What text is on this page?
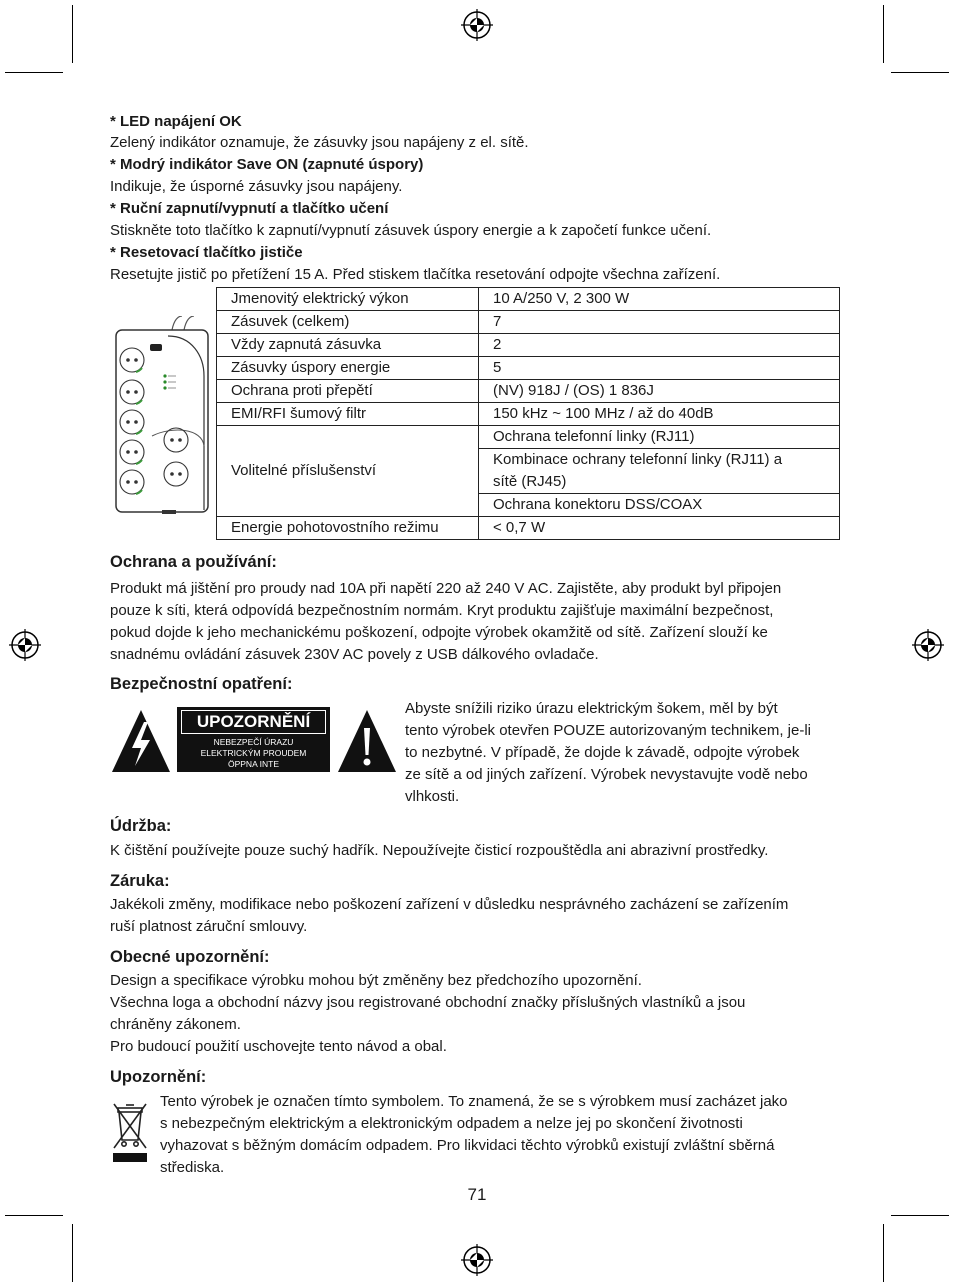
* LED napájení OK
Zelený indikátor oznamuje, že zásuvky jsou napájeny z el. sítě.
* Modrý indikátor Save ON (zapnuté úspory)
Indikuje, že úsporné zásuvky jsou napájeny.
* Ruční zapnutí/vypnutí a tlačítko učení
Stiskněte toto tlačítko k zapnutí/vypnutí zásuvek úspory energie a k započetí funkce učení.
* Resetovací tlačítko jističe
Resetujte jistič po přetížení 15 A. Před stiskem tlačítka resetování odpojte všechna zařízení.
Jmenovitý elektrický výkon	10 A/250 V, 2 300 W
Zásuvek (celkem)	7
Vždy zapnutá zásuvka	2
Zásuvky úspory energie	5
Ochrana proti přepětí	(NV) 918J / (OS) 1 836J
EMI/RFI šumový filtr	150 kHz ~ 100 MHz / až do 40dB
Volitelné příslušenství	Ochrana telefonní linky (RJ11)

	Kombinace ochrany telefonní linky (RJ11) a
sítě (RJ45)

	Ochrana konektoru DSS/COAX
Energie pohotovostního režimu	< 0,7 W
Ochrana a používání:
Produkt má jištění pro proudy nad 10A při napětí 220 až 240 V AC. Zajistěte, aby produkt byl připojen
pouze k síti, která odpovídá bezpečnostním normám. Kryt produktu zajišťuje maximální bezpečnost,
pokud dojde k jeho mechanickému poškození, odpojte výrobek okamžitě od sítě. Zařízení slouží ke
snadnému ovládání zásuvek 230V AC povely z USB dálkového ovladače.
Bezpečnostní opatření:
UPOZORNĚNÍ
NEBEZPEČÍ ÚRAZU
ELEKTRICKÝM PROUDEM
ÖPPNA INTE
Abyste snížili riziko úrazu elektrickým šokem, měl by být
tento výrobek otevřen POUZE autorizovaným technikem, je-li
to nezbytné. V případě, že dojde k závadě, odpojte výrobek
ze sítě a od jiných zařízení. Výrobek nevystavujte vodě nebo
vlhkosti.
Údržba:
K čištění používejte pouze suchý hadřík. Nepoužívejte čisticí rozpouštědla ani abrazivní prostředky.
Záruka:
Jakékoli změny, modifikace nebo poškození zařízení v důsledku nesprávného zacházení se zařízením
ruší platnost záruční smlouvy.
Obecné upozornění:
Design a specifikace výrobku mohou být změněny bez předchozího upozornění.
Všechna loga a obchodní názvy jsou registrované obchodní značky příslušných vlastníků a jsou
chráněny zákonem.
Pro budoucí použití uschovejte tento návod a obal.
Upozornění:
Tento výrobek je označen tímto symbolem. To znamená, že se s výrobkem musí zacházet jako
s nebezpečným elektrickým a elektronickým odpadem a nelze jej po skončení životnosti
vyhazovat s běžným domácím odpadem. Pro likvidaci těchto výrobků existují zvláštní sběrná
střediska.
71
